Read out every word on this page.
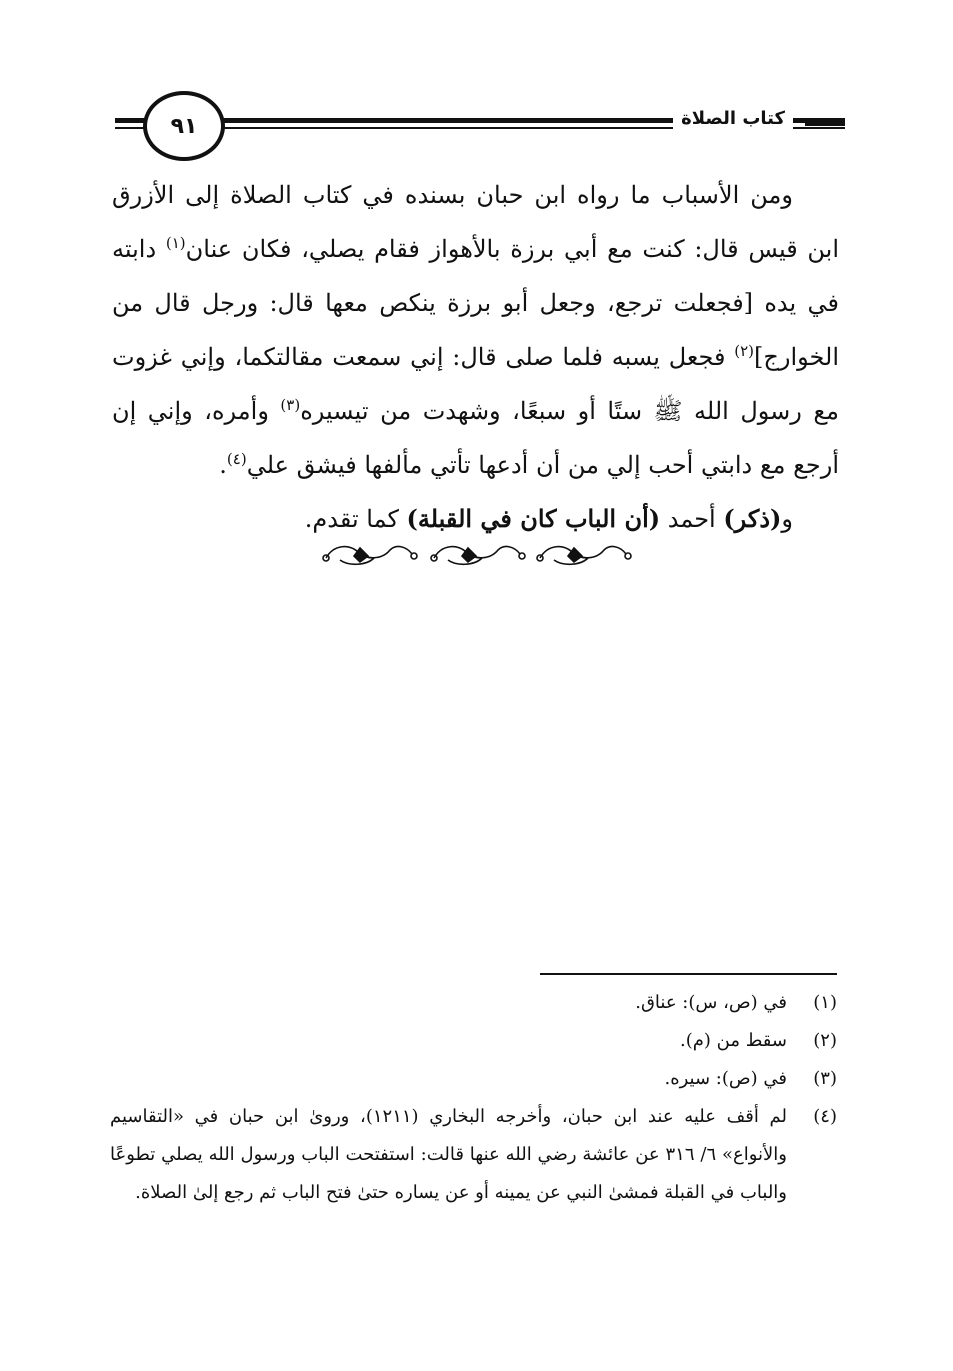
كتاب الصلاة
٩١

ومن الأسباب ما رواه ابن حبان بسنده في كتاب الصلاة إلى الأزرق ابن قيس قال: كنت مع أبي برزة بالأهواز فقام يصلي، فكان عنان$^{(١)}$ دابته في يده [فجعلت ترجع، وجعل أبو برزة ينكص معها قال: ورجل قال من الخوارج]$^{(٢)}$ فجعل يسبه فلما صلى قال: إني سمعت مقالتكما، وإني غزوت مع رسول الله ﷺ ستًا أو سبعًا، وشهدت من تيسيره$^{(٣)}$ وأمره، وإني إن أرجع مع دابتي أحب إلي من أن أدعها تأتي مألفها فيشق علي$^{(٤)}$.

و(ذكر) أحمد (أن الباب كان في القبلة) كما تقدم.

(١)
في (ص، س): عناق.
(٢)
سقط من (م).
(٣)
في (ص): سيره.
(٤)
لم أقف عليه عند ابن حبان، وأخرجه البخاري (١٢١١)، وروىٰ ابن حبان في «التقاسيم والأنواع» ٦/ ٣١٦ عن عائشة رضي الله عنها قالت: استفتحت الباب ورسول الله يصلي تطوعًا والباب في القبلة فمشىٰ النبي عن يمينه أو عن يساره حتىٰ فتح الباب ثم رجع إلىٰ الصلاة.
